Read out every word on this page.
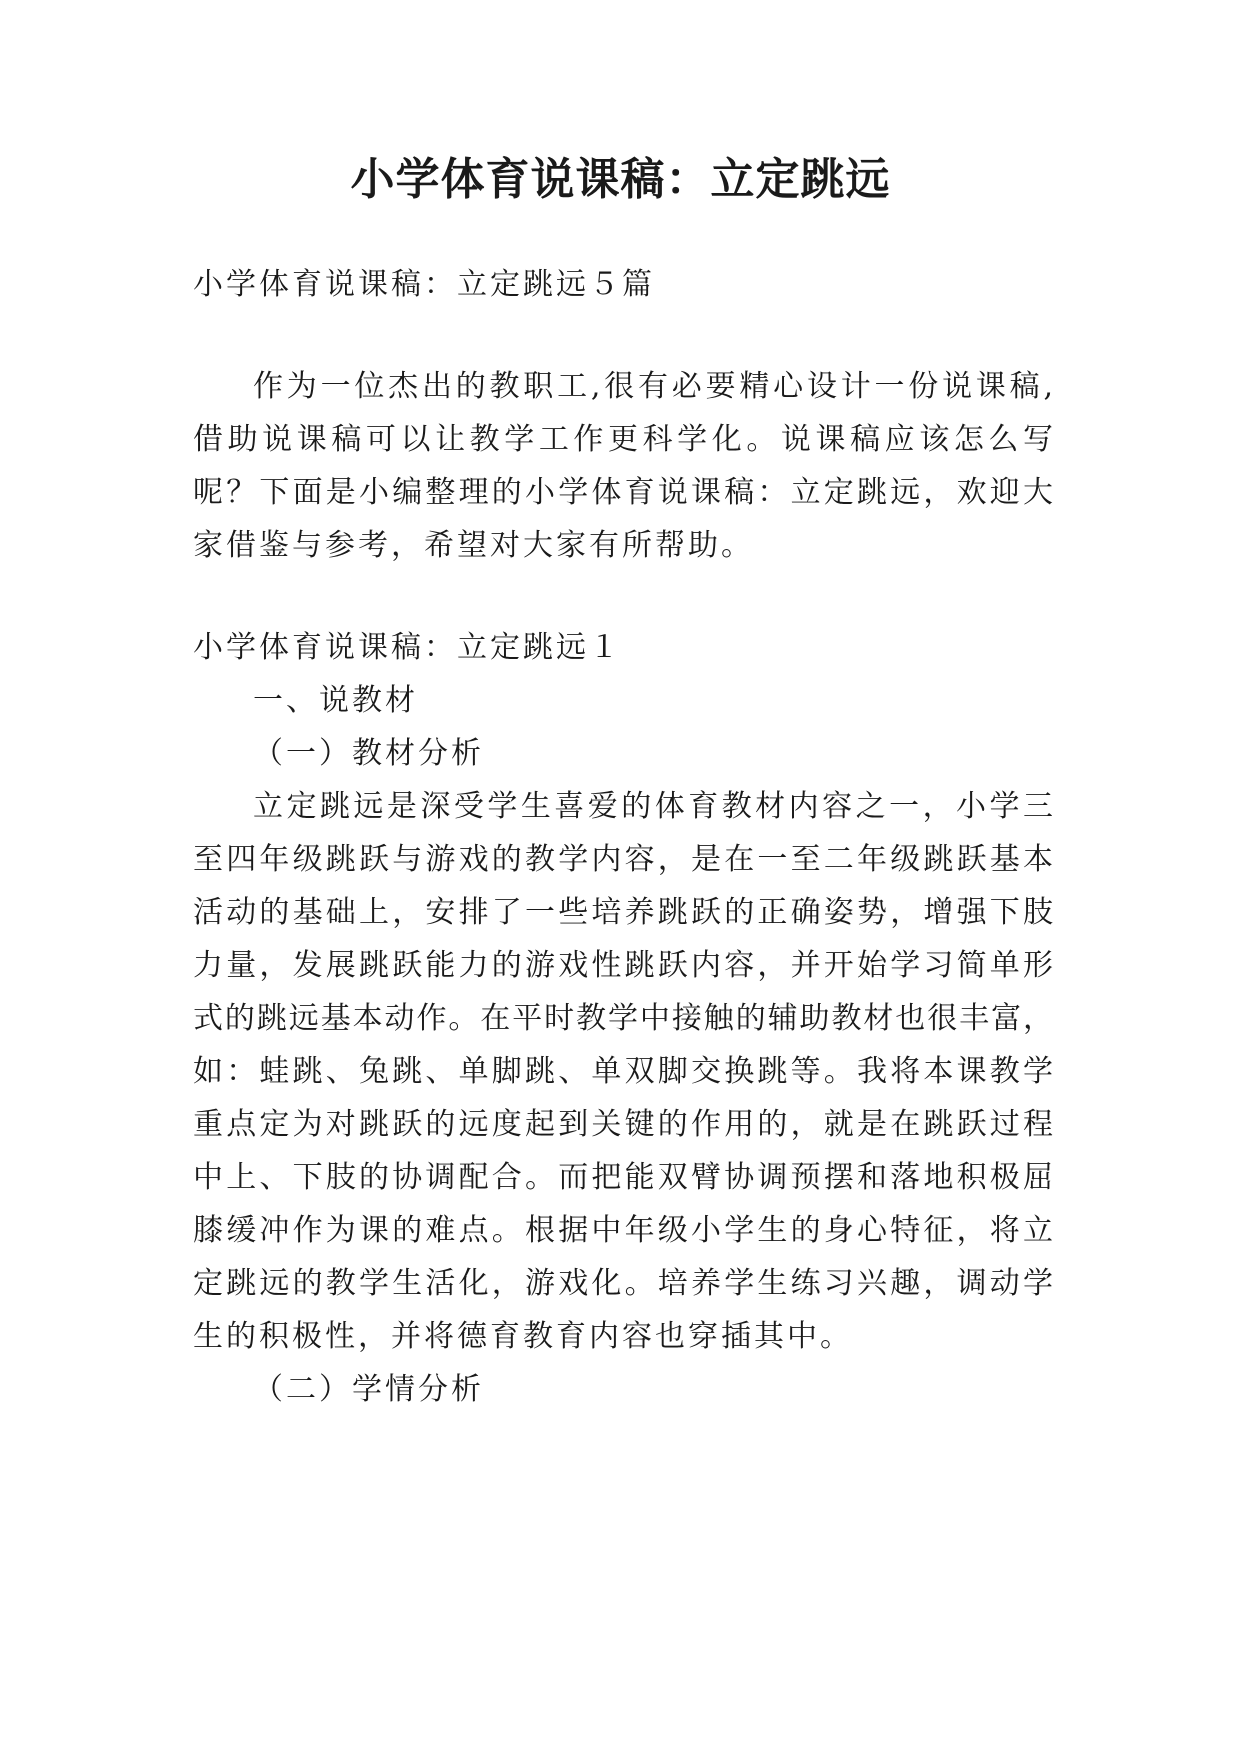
小学体育说课稿：立定跳远

小学体育说课稿：立定跳远５篇

作为一位杰出的教职工,很有必要精心设计一份说课稿,

借助说课稿可以让教学工作更科学化。说课稿应该怎么写

呢？下面是小编整理的小学体育说课稿：立定跳远，欢迎大

家借鉴与参考，希望对大家有所帮助。

小学体育说课稿：立定跳远１

一、说教材

（一）教材分析

立定跳远是深受学生喜爱的体育教材内容之一，小学三

至四年级跳跃与游戏的教学内容，是在一至二年级跳跃基本

活动的基础上，安排了一些培养跳跃的正确姿势，增强下肢

力量，发展跳跃能力的游戏性跳跃内容，并开始学习简单形

式的跳远基本动作。在平时教学中接触的辅助教材也很丰富，

如：蛙跳、兔跳、单脚跳、单双脚交换跳等。我将本课教学

重点定为对跳跃的远度起到关键的作用的，就是在跳跃过程

中上、下肢的协调配合。而把能双臂协调预摆和落地积极屈

膝缓冲作为课的难点。根据中年级小学生的身心特征，将立

定跳远的教学生活化，游戏化。培养学生练习兴趣，调动学

生的积极性，并将德育教育内容也穿插其中。

（二）学情分析
